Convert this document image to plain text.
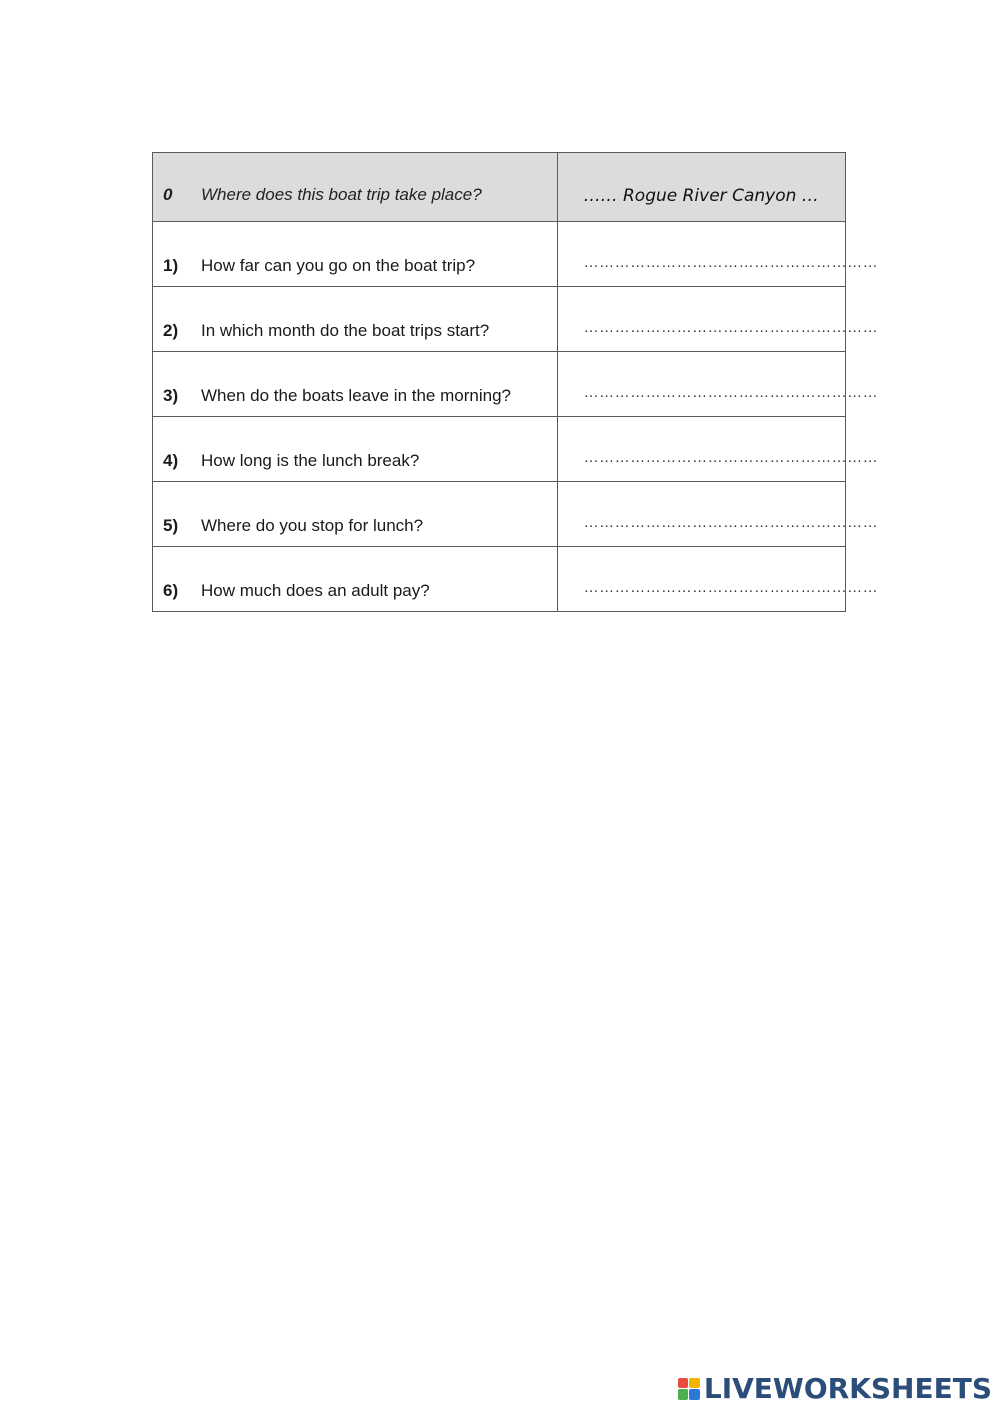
0 Where does this boat trip take place?	…… Rogue River Canyon …

1) How far can you go on the boat trip?	…………………………………………………

2) In which month do the boat trips start?	…………………………………………………

3) When do the boats leave in the morning?	…………………………………………………

4) How long is the lunch break?	…………………………………………………

5) Where do you stop for lunch?	…………………………………………………

6) How much does an adult pay?	…………………………………………………
LIVEWORKSHEETS
